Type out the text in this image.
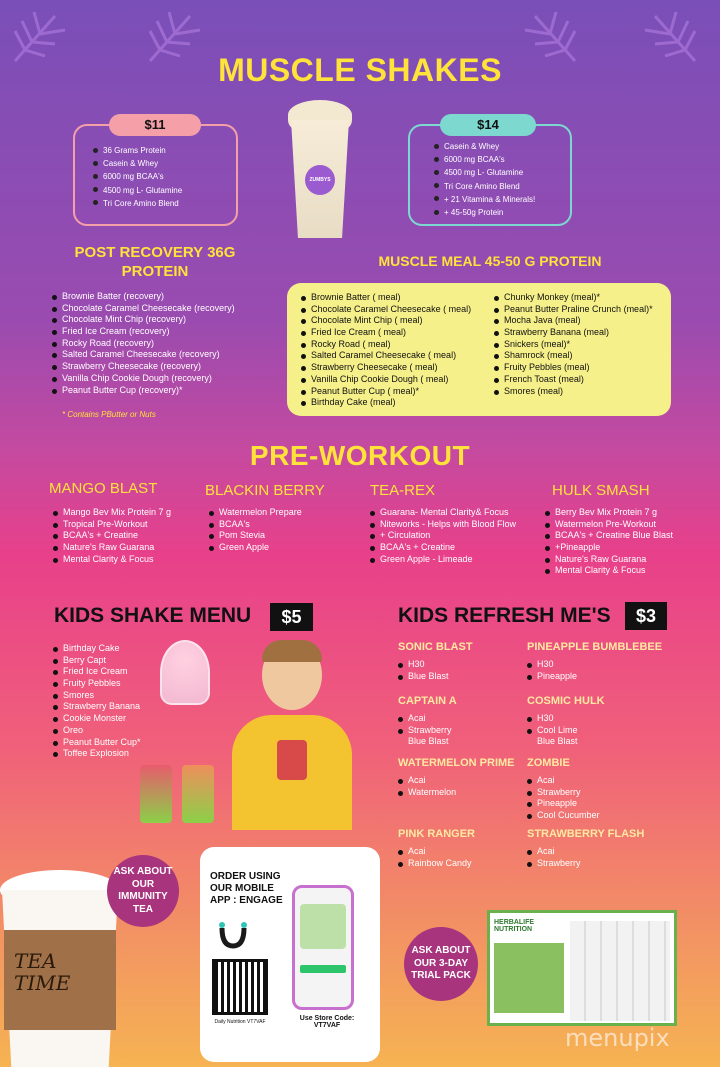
MUSCLE SHAKES
$11
36 Grams Protein
Casein & Whey
6000 mg BCAA's
4500 mg L- Glutamine
Tri Core Amino Blend
ZUMBYS
$14
Casein & Whey
6000 mg BCAA's
4500 mg L- Glutamine
Tri Core Amino Blend
+ 21 Vitamina & Minerals!
+ 45-50g Protein
POST RECOVERY 36G PROTEIN
Brownie Batter (recovery)
Chocolate Caramel Cheesecake (recovery)
Chocolate Mint Chip (recovery)
Fried Ice Cream (recovery)
Rocky Road (recovery)
Salted Caramel Cheesecake (recovery)
Strawberry Cheesecake (recovery)
Vanilla Chip Cookie Dough (recovery)
Peanut Butter Cup (recovery)*
* Contains PButter or Nuts
MUSCLE MEAL 45-50 G PROTEIN
Brownie Batter ( meal)
Chocolate Caramel Cheesecake ( meal)
Chocolate Mint Chip ( meal)
Fried Ice Cream ( meal)
Rocky Road ( meal)
Salted Caramel Cheesecake ( meal)
Strawberry Cheesecake ( meal)
Vanilla Chip Cookie Dough ( meal)
Peanut Butter Cup ( meal)*
Birthday Cake (meal)
Chunky Monkey (meal)*
Peanut Butter Praline Crunch (meal)*
Mocha Java (meal)
Strawberry Banana (meal)
Snickers (meal)*
Shamrock (meal)
Fruity Pebbles (meal)
French Toast (meal)
Smores (meal)
PRE-WORKOUT
MANGO BLAST
Mango Bev Mix Protein 7 g
Tropical Pre-Workout
BCAA's + Creatine
Nature's Raw Guarana
Mental Clarity & Focus
BLACKIN BERRY
Watermelon Prepare
BCAA's
Pom Stevia
Green Apple
TEA-REX
Guarana- Mental Clarity& Focus
Niteworks - Helps with Blood Flow
+ Circulation
BCAA's + Creatine
Green Apple - Limeade
HULK SMASH
Berry Bev Mix Protein 7 g
Watermelon Pre-Workout
BCAA's + Creatine Blue Blast
+Pineapple
Nature's Raw Guarana
Mental Clarity & Focus
KIDS SHAKE MENU	$5
Birthday Cake
Berry Capt
Fried Ice Cream
Fruity Pebbles
Smores
Strawberry Banana
Cookie Monster
Oreo
Peanut Butter Cup*
Toffee Explosion
KIDS REFRESH ME'S	$3
SONIC BLAST
H30
Blue Blast
PINEAPPLE BUMBLEBEE
H30
Pineapple
CAPTAIN A
Acai
Strawberry Blue Blast
COSMIC HULK
H30
Cool Lime Blue Blast
WATERMELON PRIME
Acai
Watermelon
ZOMBIE
Acai
Strawberry
Pineapple
Cool Cucumber
PINK RANGER
Acai
Rainbow Candy
STRAWBERRY FLASH
Acai
Strawberry
TEA TIME
ASK ABOUT OUR IMMUNITY TEA
ORDER USING OUR MOBILE APP : ENGAGE
Daily Nutrition VT7VAF	Use Store Code: VT7VAF
ASK ABOUT OUR 3-DAY TRIAL PACK
HERBALIFE NUTRITION
menupix
